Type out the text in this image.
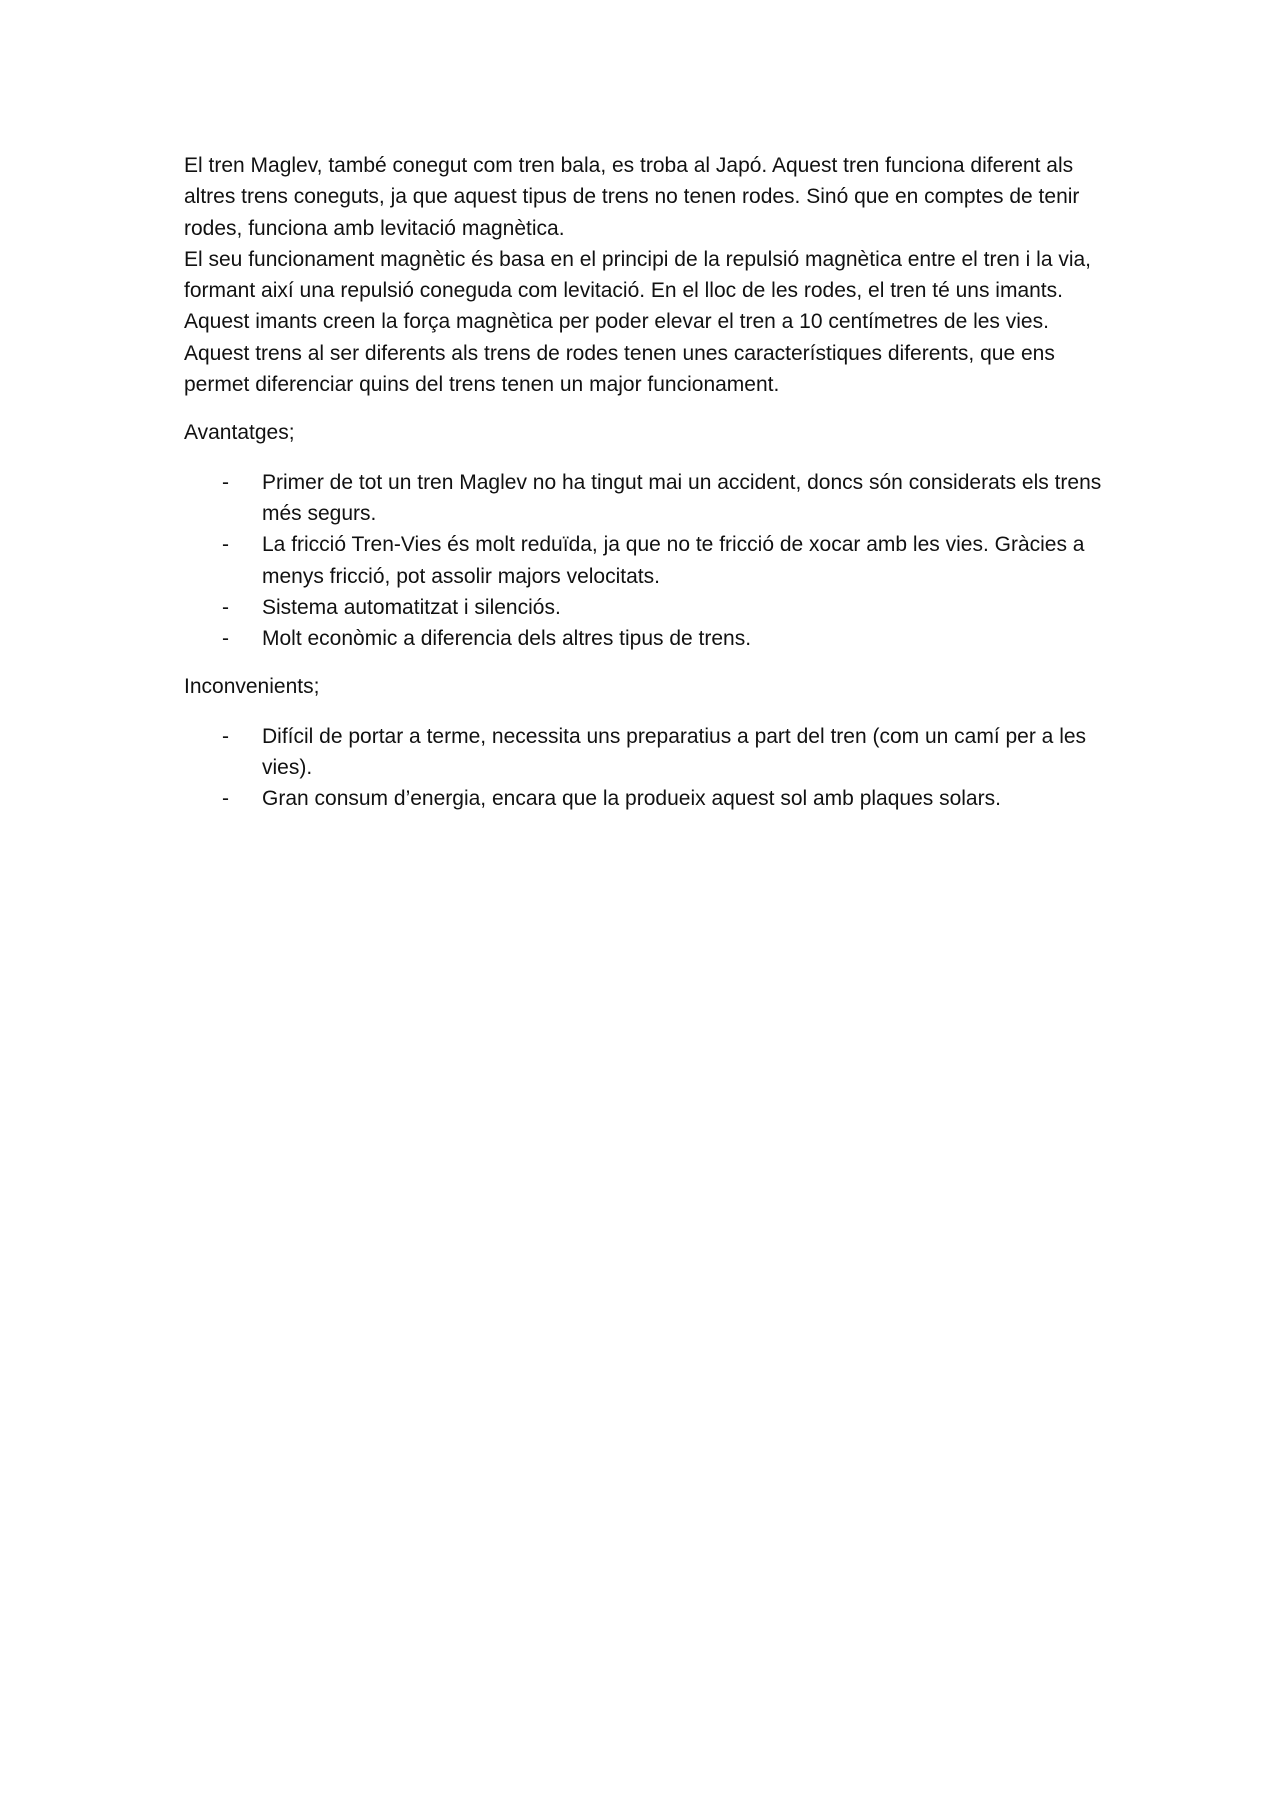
El tren Maglev, també conegut com tren bala, es troba al Japó. Aquest tren funciona diferent als altres trens coneguts, ja que aquest tipus de trens no tenen rodes. Sinó que en comptes de tenir rodes, funciona amb levitació magnètica.

El seu funcionament magnètic és basa en el principi de la repulsió magnètica entre el tren i la via, formant així una repulsió coneguda com levitació. En el lloc de les rodes, el tren té uns imants. Aquest imants creen la força magnètica per poder elevar el tren a 10 centímetres de les vies.

Aquest trens al ser diferents als trens de rodes tenen unes característiques diferents, que ens permet diferenciar quins del trens tenen un major funcionament.

Avantatges;

- Primer de tot un tren Maglev no ha tingut mai un accident, doncs són considerats els trens més segurs.
- La fricció Tren-Vies és molt reduïda, ja que no te fricció de xocar amb les vies. Gràcies a menys fricció, pot assolir majors velocitats.
- Sistema automatitzat i silenciós.
- Molt econòmic a diferencia dels altres tipus de trens.

Inconvenients;

- Difícil de portar a terme, necessita uns preparatius a part del tren (com un camí per a les vies).
- Gran consum d’energia, encara que la produeix aquest sol amb plaques solars.
